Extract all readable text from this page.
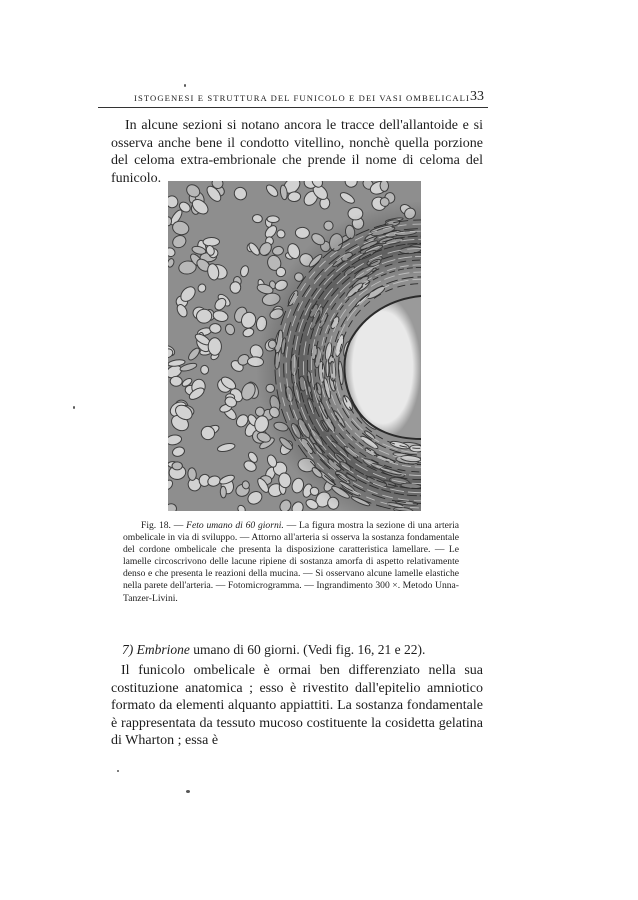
ISTOGENESI E STRUTTURA DEL FUNICOLO E DEI VASI OMBELICALI 33

In alcune sezioni si notano ancora le tracce dell'allantoide e si osserva anche bene il condotto vitellino, nonchè quella porzione del celoma extra-embrionale che prende il nome di celoma del funicolo.

Fig. 18. — Feto umano di 60 giorni. — La figura mostra la sezione di una arteria ombelicale in via di sviluppo. — Attorno all'arteria si osserva la sostanza fondamentale del cordone ombelicale che presenta la disposizione caratteristica lamellare. — Le lamelle circoscrivono delle lacune ripiene di sostanza amorfa di aspetto relativamente denso e che presenta le reazioni della mucina. — Si osservano alcune lamelle elastiche nella parete dell'arteria. — Fotomicrogramma. — Ingrandimento 300 ×. Metodo Unna-Tanzer-Livini.

7) Embrione umano di 60 giorni. (Vedi fig. 16, 21 e 22).

Il funicolo ombelicale è ormai ben differenziato nella sua costituzione anatomica ; esso è rivestito dall'epitelio amniotico formato da elementi alquanto appiattiti. La sostanza fondamentale è rappresentata da tessuto mucoso costituente la cosidetta gelatina di Wharton ; essa è
